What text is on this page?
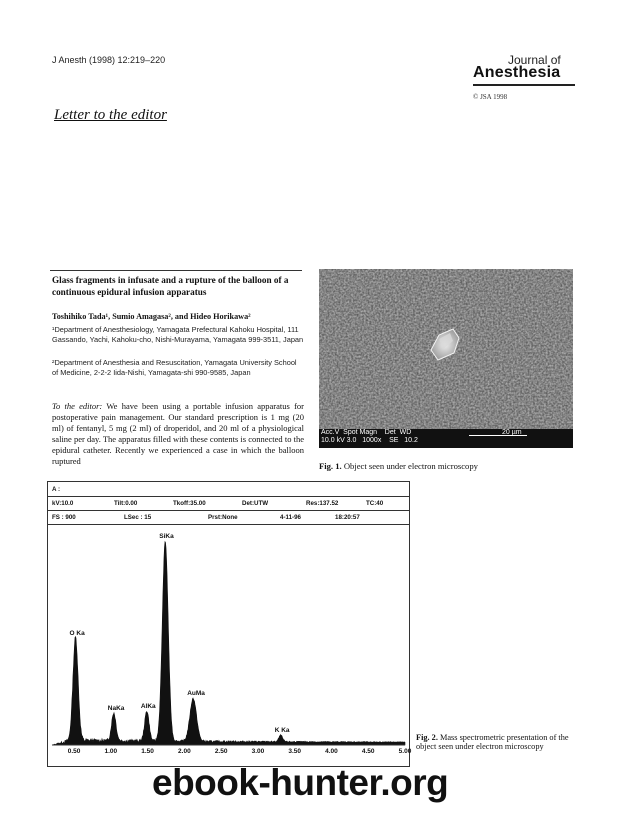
J Anesth (1998) 12:219–220	Journal of
Anesthesia
© JSA 1998
Letter to the editor
Glass fragments in infusate and a rupture of the balloon of a continuous epidural infusion apparatus
Toshihiko Tada¹, Sumio Amagasa², and Hideo Horikawa²
¹Department of Anesthesiology, Yamagata Prefectural Kahoku Hospital, 111 Gassando, Yachi, Kahoku-cho, Nishi-Murayama, Yamagata 999-3511, Japan
²Department of Anesthesia and Resuscitation, Yamagata University School of Medicine, 2-2-2 Iida-Nishi, Yamagata-shi 990-9585, Japan
To the editor: We have been using a portable infusion apparatus for postoperative pain management. Our standard prescription is 1 mg (20 ml) of fentanyl, 5 mg (2 ml) of droperidol, and 20 ml of a physiological saline per day. The apparatus filled with these contents is connected to the epidural catheter. Recently we experienced a case in which the balloon ruptured
Acc.V  Spot Magn    Det  WD
10.0 kV 3.0   1000x    SE   10.2
20 µm
Fig. 1. Object seen under electron microscopy
A :
kV:10.0	Tilt:0.00	Tkoff:35.00	Det:UTW	Res:137.52	TC:40
FS : 900	LSec : 15	Prst:None	4-11-96	18:20:57
O Ka
NaKa	AlKa
SiKa
AuMa
K Ka
0.50	1.00	1.50	2.00	2.50	3.00	3.50	4.00	4.50	5.00
Fig. 2. Mass spectrometric presentation of the object seen under electron microscopy
ebook-hunter.org
